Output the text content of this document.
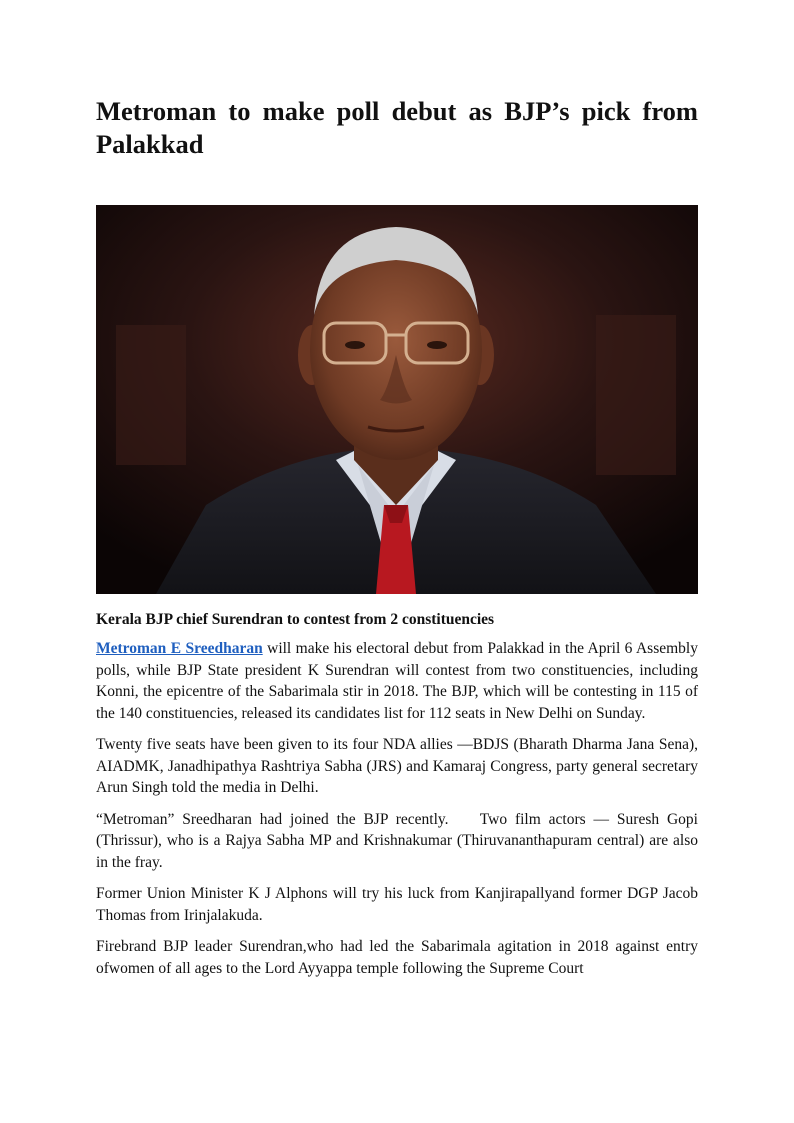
Metroman to make poll debut as BJP’s pick from
Palakkad

Kerala BJP chief Surendran to contest from 2 constituencies

Metroman E Sreedharan will make his electoral debut from Palakkad in the April 6 Assembly polls, while BJP State president K Surendran will contest from two constituencies, including Konni, the epicentre of the Sabarimala stir in 2018. The BJP, which will be contesting in 115 of the 140 constituencies, released its candidates list for 112 seats in New Delhi on Sunday.

Twenty five seats have been given to its four NDA allies —BDJS (Bharath Dharma Jana Sena), AIADMK, Janadhipathya Rashtriya Sabha (JRS) and Kamaraj Congress, party general secretary Arun Singh told the media in Delhi.

“Metroman” Sreedharan had joined the BJP recently.    Two film actors — Suresh Gopi (Thrissur), who is a Rajya Sabha MP and Krishnakumar (Thiruvananthapuram central) are also in the fray.

Former Union Minister K J Alphons will try his luck from Kanjirapallyand former DGP Jacob Thomas from Irinjalakuda.

Firebrand BJP leader Surendran,who had led the Sabarimala agitation in 2018 against entry ofwomen of all ages to the Lord Ayyappa temple following the Supreme Court
